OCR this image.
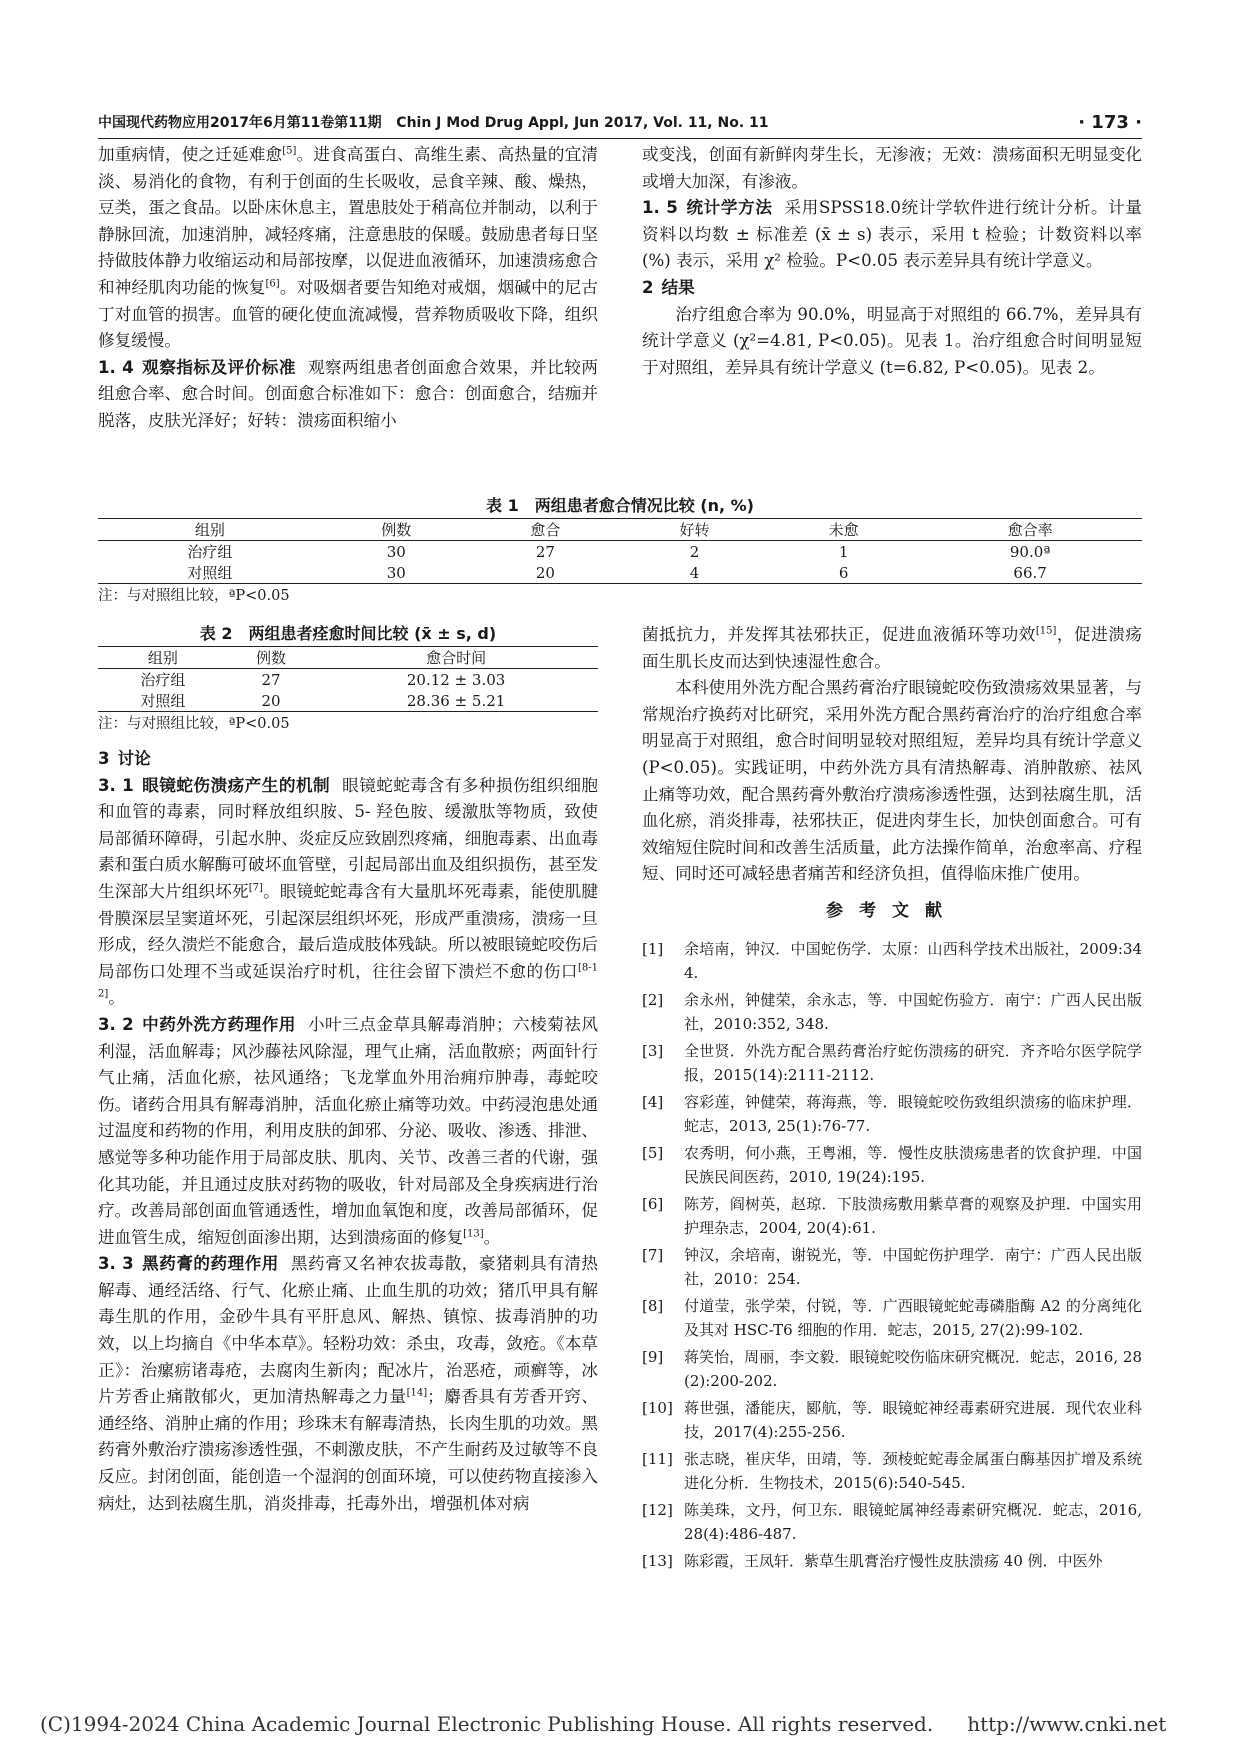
中国现代药物应用2017年6月第11卷第11期 Chin J Mod Drug Appl, Jun 2017, Vol. 11, No. 11	· 173 ·

加重病情，使之迁延难愈[5]。进食高蛋白、高维生素、高热量的宜清淡、易消化的食物，有利于创面的生长吸收，忌食辛辣、酸、燥热，豆类，蛋之食品。以卧床休息主，置患肢处于稍高位并制动，以利于静脉回流，加速消肿，减轻疼痛，注意患肢的保暖。鼓励患者每日坚持做肢体静力收缩运动和局部按摩，以促进血液循环，加速溃疡愈合和神经肌肉功能的恢复[6]。对吸烟者要告知绝对戒烟，烟碱中的尼古丁对血管的损害。血管的硬化使血流减慢，营养物质吸收下降，组织修复缓慢。

1. 4 观察指标及评价标准 观察两组患者创面愈合效果，并比较两组愈合率、愈合时间。创面愈合标准如下：愈合：创面愈合，结痂并脱落，皮肤光泽好；好转：溃疡面积缩小

或变浅，创面有新鲜肉芽生长，无渗液；无效：溃疡面积无明显变化或增大加深，有渗液。

1. 5 统计学方法 采用SPSS18.0统计学软件进行统计分析。计量资料以均数 ± 标准差 (x̄ ± s) 表示，采用 t 检验；计数资料以率 (%) 表示，采用 χ² 检验。P<0.05 表示差异具有统计学意义。

2 结果

治疗组愈合率为 90.0%，明显高于对照组的 66.7%，差异具有统计学意义 (χ²=4.81, P<0.05)。见表 1。治疗组愈合时间明显短于对照组，差异具有统计学意义 (t=6.82, P<0.05)。见表 2。

表 1　两组患者愈合情况比较 (n, %)
组别	例数	愈合	好转	未愈	愈合率
治疗组	30	27	2	1	90.0ª
对照组	30	20	4	6	66.7
注：与对照组比较，ªP<0.05
表 2　两组患者痊愈时间比较 (x̄ ± s, d)
组别	例数	愈合时间
治疗组	27	20.12 ± 3.03
对照组	20	28.36 ± 5.21
注：与对照组比较，ªP<0.05
3 讨论

3. 1 眼镜蛇伤溃疡产生的机制 眼镜蛇蛇毒含有多种损伤组织细胞和血管的毒素，同时释放组织胺、5- 羟色胺、缓激肽等物质，致使局部循环障碍，引起水肿、炎症反应致剧烈疼痛，细胞毒素、出血毒素和蛋白质水解酶可破坏血管壁，引起局部出血及组织损伤，甚至发生深部大片组织坏死[7]。眼镜蛇蛇毒含有大量肌坏死毒素，能使肌腱骨膜深层呈窦道坏死，引起深层组织坏死，形成严重溃疡，溃疡一旦形成，经久溃烂不能愈合，最后造成肢体残缺。所以被眼镜蛇咬伤后局部伤口处理不当或延误治疗时机，往往会留下溃烂不愈的伤口[8-12]。

3. 2 中药外洗方药理作用 小叶三点金草具解毒消肿；六棱菊祛风利湿，活血解毒；风沙藤祛风除湿，理气止痛，活血散瘀；两面针行气止痛，活血化瘀，祛风通络；飞龙掌血外用治痈疖肿毒，毒蛇咬伤。诸药合用具有解毒消肿，活血化瘀止痛等功效。中药浸泡患处通过温度和药物的作用，利用皮肤的卸邪、分泌、吸收、渗透、排泄、感觉等多种功能作用于局部皮肤、肌肉、关节、改善三者的代谢，强化其功能，并且通过皮肤对药物的吸收，针对局部及全身疾病进行治疗。改善局部创面血管通透性，增加血氧饱和度，改善局部循环，促进血管生成，缩短创面渗出期，达到溃疡面的修复[13]。

3. 3 黑药膏的药理作用 黑药膏又名神农拔毒散，豪猪刺具有清热解毒、通经活络、行气、化瘀止痛、止血生肌的功效；猪爪甲具有解毒生肌的作用，金砂牛具有平肝息风、解热、镇惊、拔毒消肿的功效，以上均摘自《中华本草》。轻粉功效：杀虫，攻毒，敛疮。《本草正》：治瘰疬诸毒疮，去腐肉生新肉；配冰片，治恶疮，顽癣等，冰片芳香止痛散郁火，更加清热解毒之力量[14]；麝香具有芳香开窍、通经络、消肿止痛的作用；珍珠末有解毒清热，长肉生肌的功效。黑药膏外敷治疗溃疡渗透性强，不刺激皮肤，不产生耐药及过敏等不良反应。封闭创面，能创造一个湿润的创面环境，可以使药物直接渗入病灶，达到祛腐生肌，消炎排毒，托毒外出，增强机体对病

菌抵抗力，并发挥其祛邪扶正，促进血液循环等功效[15]，促进溃疡面生肌长皮而达到快速湿性愈合。

本科使用外洗方配合黑药膏治疗眼镜蛇咬伤致溃疡效果显著，与常规治疗换药对比研究，采用外洗方配合黑药膏治疗的治疗组愈合率明显高于对照组，愈合时间明显较对照组短，差异均具有统计学意义 (P<0.05)。实践证明，中药外洗方具有清热解毒、消肿散瘀、祛风止痛等功效，配合黑药膏外敷治疗溃疡渗透性强，达到祛腐生肌，活血化瘀，消炎排毒，祛邪扶正，促进肉芽生长，加快创面愈合。可有效缩短住院时间和改善生活质量，此方法操作简单，治愈率高、疗程短、同时还可减轻患者痛苦和经济负担，值得临床推广使用。

参考文献
[1]	余培南，钟汉．中国蛇伤学．太原：山西科学技术出版社，2009:344.
[2]	余永州，钟健荣，余永志，等．中国蛇伤验方．南宁：广西人民出版社，2010:352, 348.
[3]	全世贤．外洗方配合黑药膏治疗蛇伤溃疡的研究．齐齐哈尔医学院学报，2015(14):2111-2112.
[4]	容彩莲，钟健荣，蒋海燕，等．眼镜蛇咬伤致组织溃疡的临床护理．蛇志，2013, 25(1):76-77.
[5]	农秀明，何小燕，王粤湘，等．慢性皮肤溃疡患者的饮食护理．中国民族民间医药，2010, 19(24):195.
[6]	陈芳，阎树英，赵琼．下肢溃疡敷用紫草膏的观察及护理．中国实用护理杂志，2004, 20(4):61.
[7]	钟汉，余培南，谢锐光，等．中国蛇伤护理学．南宁：广西人民出版社，2010：254.
[8]	付道莹，张学荣，付锐，等．广西眼镜蛇蛇毒磷脂酶 A2 的分离纯化及其对 HSC-T6 细胞的作用．蛇志，2015, 27(2):99-102.
[9]	蒋笑怡，周丽，李文毅．眼镜蛇咬伤临床研究概况．蛇志，2016, 28(2):200-202.
[10] 蒋世强，潘能庆，郾航，等．眼镜蛇神经毒素研究进展．现代农业科技，2017(4):255-256.
[11] 张志晓，崔庆华，田靖，等．颈棱蛇蛇毒金属蛋白酶基因扩增及系统进化分析．生物技术，2015(6):540-545.
[12] 陈美珠，文丹，何卫东．眼镜蛇属神经毒素研究概况．蛇志，2016, 28(4):486-487.
[13] 陈彩霞，王凤轩．紫草生肌膏治疗慢性皮肤溃疡 40 例．中医外
(C)1994-2024 China Academic Journal Electronic Publishing House. All rights reserved. http://www.cnki.net
